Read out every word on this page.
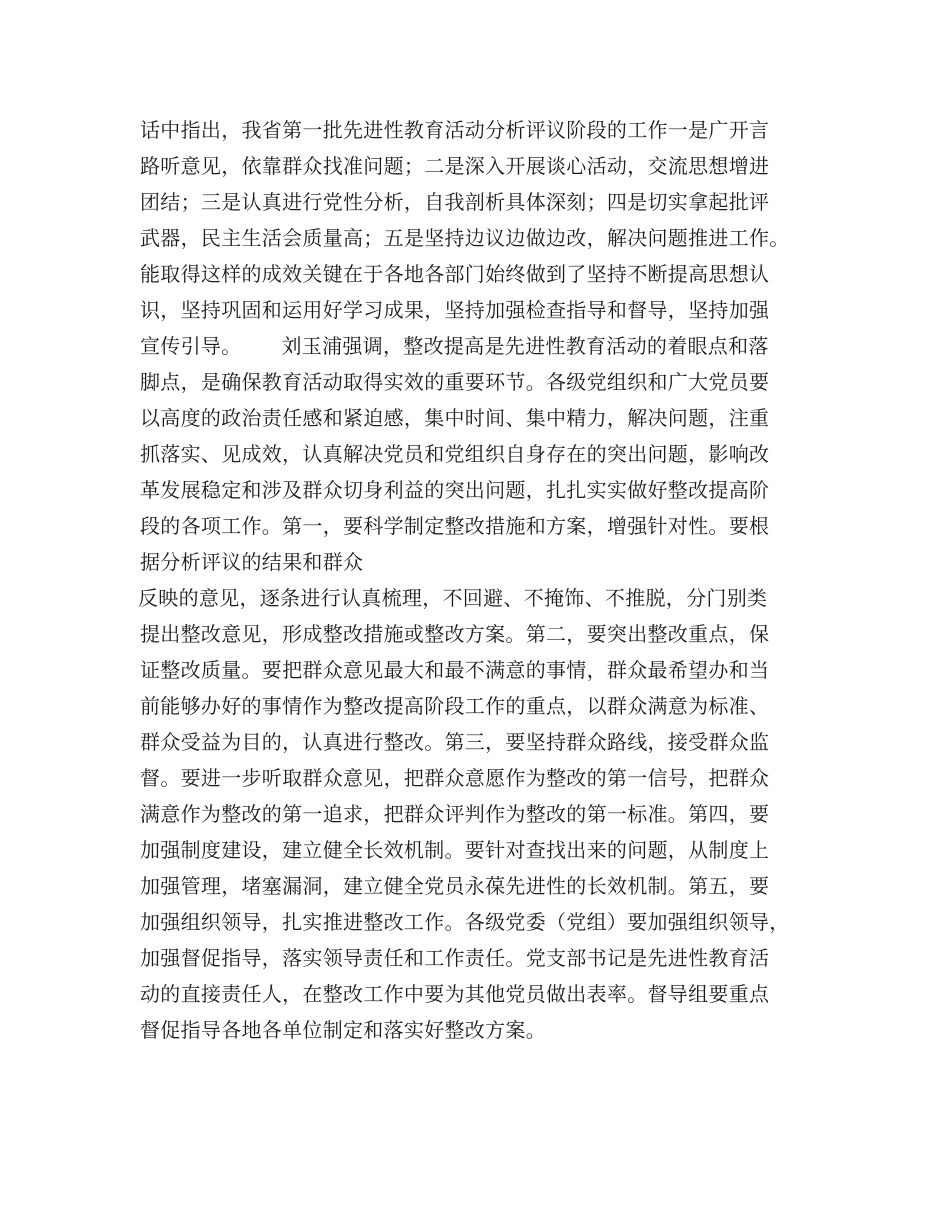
话中指出，我省第一批先进性教育活动分析评议阶段的工作一是广开言
路听意见，依靠群众找准问题；二是深入开展谈心活动，交流思想增进
团结；三是认真进行党性分析，自我剖析具体深刻；四是切实拿起批评
武器，民主生活会质量高；五是坚持边议边做边改，解决问题推进工作。
能取得这样的成效关键在于各地各部门始终做到了坚持不断提高思想认
识，坚持巩固和运用好学习成果，坚持加强检查指导和督导，坚持加强
宣传引导。 刘玉浦强调，整改提高是先进性教育活动的着眼点和落
脚点，是确保教育活动取得实效的重要环节。各级党组织和广大党员要
以高度的政治责任感和紧迫感，集中时间、集中精力，解决问题，注重
抓落实、见成效，认真解决党员和党组织自身存在的突出问题，影响改
革发展稳定和涉及群众切身利益的突出问题，扎扎实实做好整改提高阶
段的各项工作。第一，要科学制定整改措施和方案，增强针对性。要根
据分析评议的结果和群众
反映的意见，逐条进行认真梳理，不回避、不掩饰、不推脱，分门别类
提出整改意见，形成整改措施或整改方案。第二，要突出整改重点，保
证整改质量。要把群众意见最大和最不满意的事情，群众最希望办和当
前能够办好的事情作为整改提高阶段工作的重点，以群众满意为标准、
群众受益为目的，认真进行整改。第三，要坚持群众路线，接受群众监
督。要进一步听取群众意见，把群众意愿作为整改的第一信号，把群众
满意作为整改的第一追求，把群众评判作为整改的第一标准。第四，要
加强制度建设，建立健全长效机制。要针对查找出来的问题，从制度上
加强管理，堵塞漏洞，建立健全党员永葆先进性的长效机制。第五，要
加强组织领导，扎实推进整改工作。各级党委（党组）要加强组织领导，
加强督促指导，落实领导责任和工作责任。党支部书记是先进性教育活
动的直接责任人，在整改工作中要为其他党员做出表率。督导组要重点
督促指导各地各单位制定和落实好整改方案。
